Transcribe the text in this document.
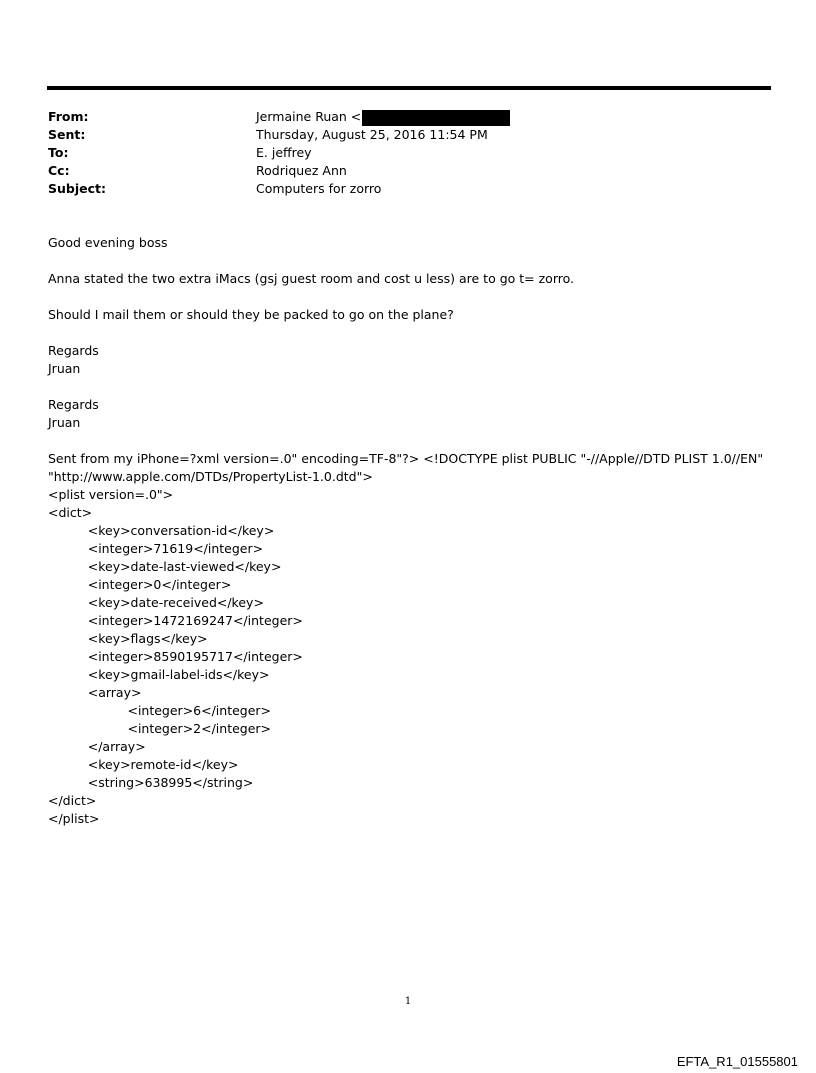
From:	Jermaine Ruan <
Sent:	Thursday, August 25, 2016 11:54 PM
To:	E. jeffrey
Cc:	Rodriquez Ann
Subject:	Computers for zorro

Good evening boss

Anna stated the two extra iMacs (gsj guest room and cost u less) are to go t= zorro.

Should I mail them or should they be packed to go on the plane?

Regards

Jruan

Regards

Jruan

Sent from my iPhone=?xml version=.0" encoding=TF-8"?> <!DOCTYPE plist PUBLIC "-//Apple//DTD PLIST 1.0//EN"

"http://www.apple.com/DTDs/PropertyList-1.0.dtd">

<plist version=.0">
<dict>
<key>conversation-id</key>
<integer>71619</integer>
<key>date-last-viewed</key>
<integer>0</integer>
<key>date-received</key>
<integer>1472169247</integer>
<key>flags</key>
<integer>8590195717</integer>
<key>gmail-label-ids</key>
<array>
<integer>6</integer>
<integer>2</integer>
</array>
<key>remote-id</key>
<string>638995</string>
</dict>
</plist>
1
EFTA_R1_01555801
